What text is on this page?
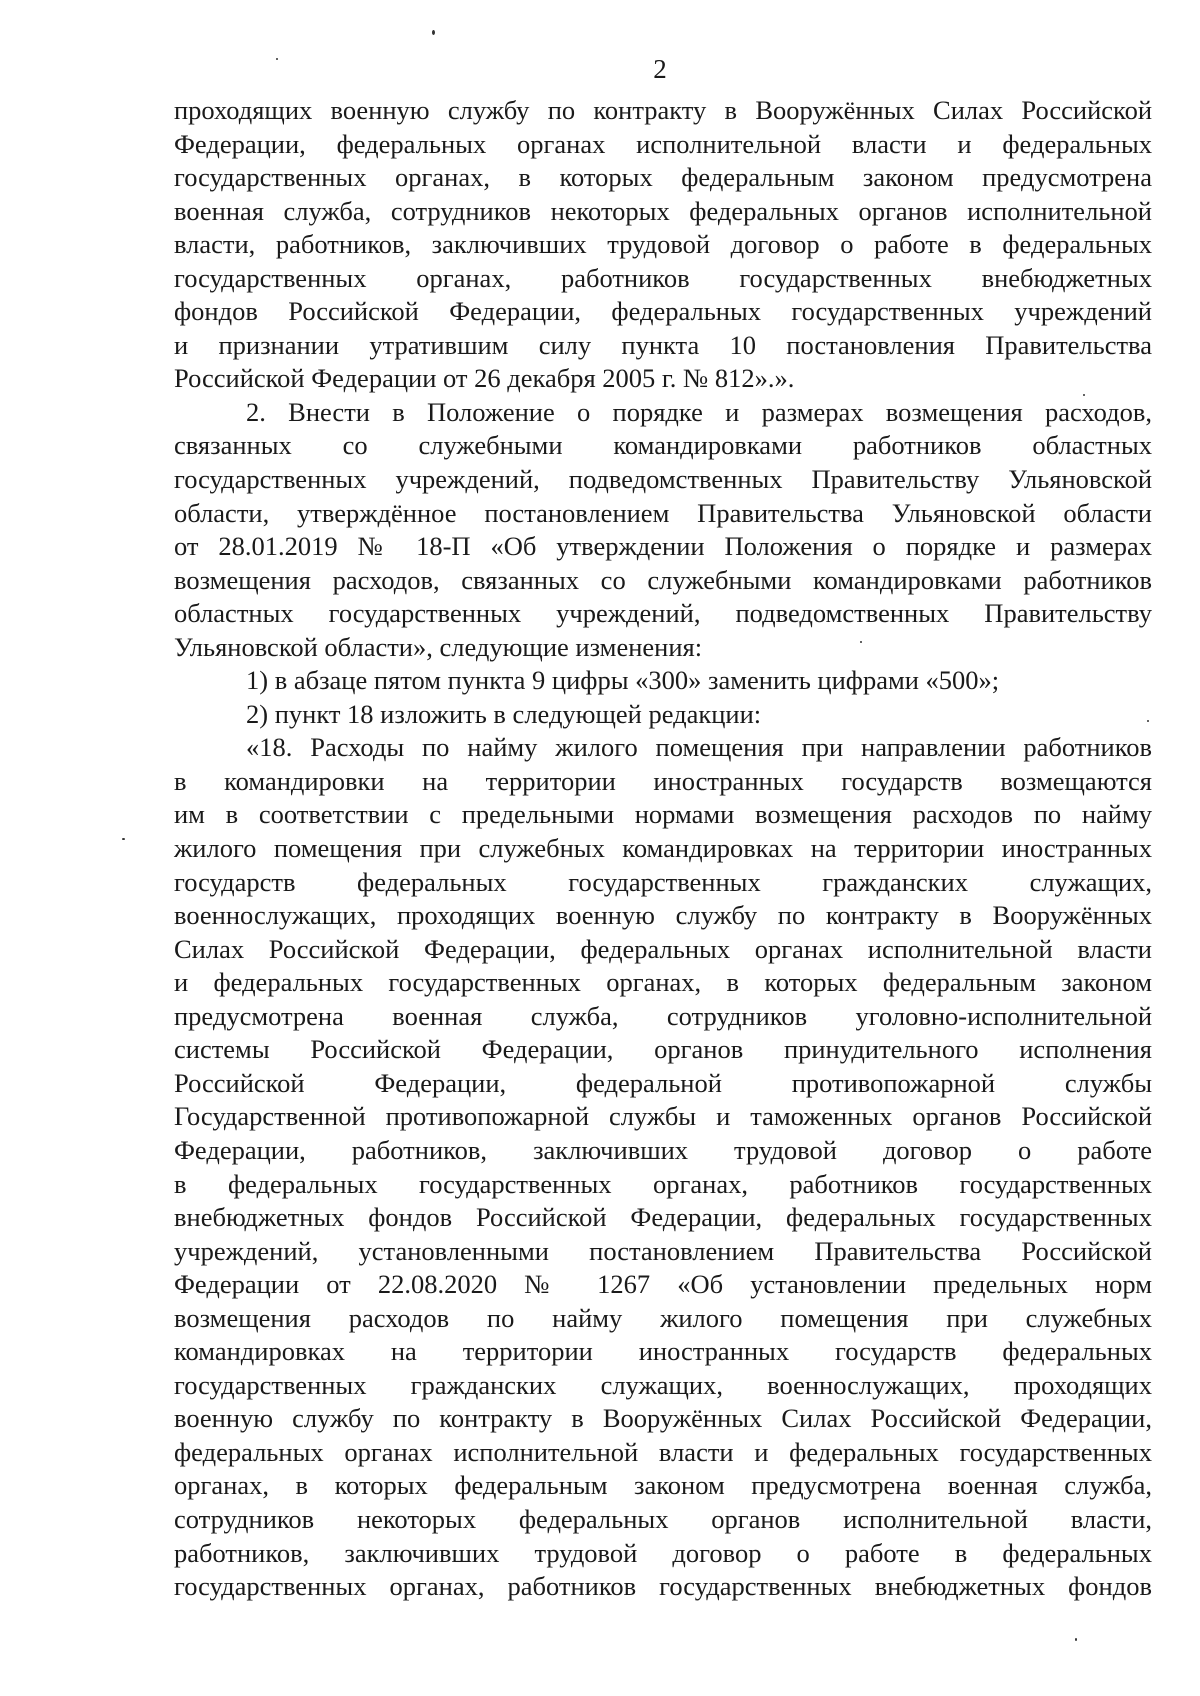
2
проходящих военную службу по контракту в Вооружённых Силах Российской
Федерации, федеральных органах исполнительной власти и федеральных
государственных органах, в которых федеральным законом предусмотрена
военная служба, сотрудников некоторых федеральных органов исполнительной
власти, работников, заключивших трудовой договор о работе в федеральных
государственных органах, работников государственных внебюджетных
фондов Российской Федерации, федеральных государственных учреждений
и признании утратившим силу пункта 10 постановления Правительства
Российской Федерации от 26 декабря 2005 г. № 812».».
2. Внести в Положение о порядке и размерах возмещения расходов,
связанных со служебными командировками работников областных
государственных учреждений, подведомственных Правительству Ульяновской
области, утверждённое постановлением Правительства Ульяновской области
от 28.01.2019 № 18-П «Об утверждении Положения о порядке и размерах
возмещения расходов, связанных со служебными командировками работников
областных государственных учреждений, подведомственных Правительству
Ульяновской области», следующие изменения:
1) в абзаце пятом пункта 9 цифры «300» заменить цифрами «500»;
2) пункт 18 изложить в следующей редакции:
«18. Расходы по найму жилого помещения при направлении работников
в командировки на территории иностранных государств возмещаются
им в соответствии с предельными нормами возмещения расходов по найму
жилого помещения при служебных командировках на территории иностранных
государств федеральных государственных гражданских служащих,
военнослужащих, проходящих военную службу по контракту в Вооружённых
Силах Российской Федерации, федеральных органах исполнительной власти
и федеральных государственных органах, в которых федеральным законом
предусмотрена военная служба, сотрудников уголовно-исполнительной
системы Российской Федерации, органов принудительного исполнения
Российской Федерации, федеральной противопожарной службы
Государственной противопожарной службы и таможенных органов Российской
Федерации, работников, заключивших трудовой договор о работе
в федеральных государственных органах, работников государственных
внебюджетных фондов Российской Федерации, федеральных государственных
учреждений, установленными постановлением Правительства Российской
Федерации от 22.08.2020 № 1267 «Об установлении предельных норм
возмещения расходов по найму жилого помещения при служебных
командировках на территории иностранных государств федеральных
государственных гражданских служащих, военнослужащих, проходящих
военную службу по контракту в Вооружённых Силах Российской Федерации,
федеральных органах исполнительной власти и федеральных государственных
органах, в которых федеральным законом предусмотрена военная служба,
сотрудников некоторых федеральных органов исполнительной власти,
работников, заключивших трудовой договор о работе в федеральных
государственных органах, работников государственных внебюджетных фондов
